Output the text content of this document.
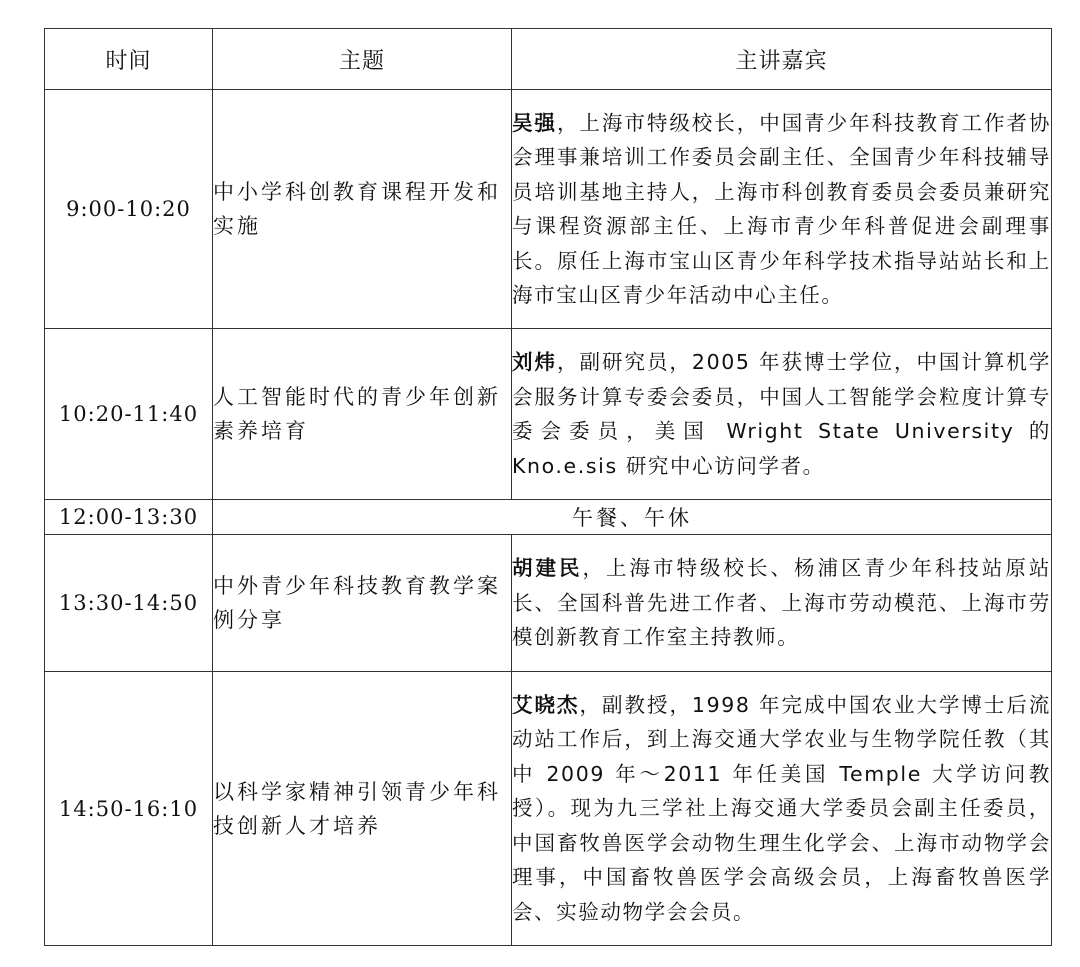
时间	主题	主讲嘉宾
9:00-10:20	中小学科创教育课程开发和实施	吴强，上海市特级校长，中国青少年科技教育工作者协会理事兼培训工作委员会副主任、全国青少年科技辅导员培训基地主持人，上海市科创教育委员会委员兼研究与课程资源部主任、上海市青少年科普促进会副理事长。原任上海市宝山区青少年科学技术指导站站长和上海市宝山区青少年活动中心主任。
10:20-11:40	人工智能时代的青少年创新素养培育	刘炜，副研究员，2005 年获博士学位，中国计算机学会服务计算专委会委员，中国人工智能学会粒度计算专委会委员，美国 Wright State University 的 Kno.e.sis 研究中心访问学者。
12:00-13:30	午餐、午休	
13:30-14:50	中外青少年科技教育教学案例分享	胡建民，上海市特级校长、杨浦区青少年科技站原站长、全国科普先进工作者、上海市劳动模范、上海市劳模创新教育工作室主持教师。
14:50-16:10	以科学家精神引领青少年科技创新人才培养	艾晓杰，副教授，1998 年完成中国农业大学博士后流动站工作后，到上海交通大学农业与生物学院任教（其中 2009 年～2011 年任美国 Temple 大学访问教授）。现为九三学社上海交通大学委员会副主任委员，中国畜牧兽医学会动物生理生化学会、上海市动物学会理事，中国畜牧兽医学会高级会员，上海畜牧兽医学会、实验动物学会会员。
